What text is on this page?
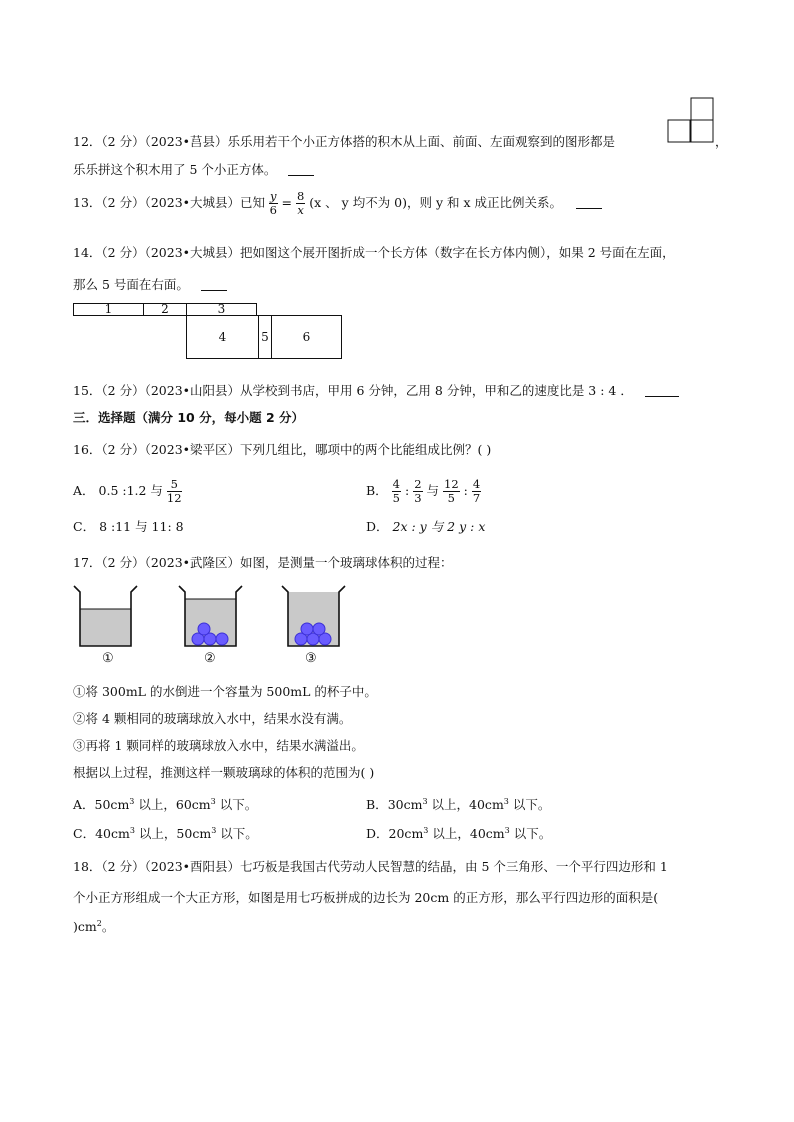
12．（2 分）（2023•莒县）乐乐用若干个小正方体搭的积木从上面、前面、左面观察到的图形都是	，
乐乐拼这个积木用了 5 个小正方体。
13．（2 分）（2023•大城县）已知 $\frac{y}{6} = \frac{8}{x} (x$ 、 y 均不为 0)，则 y 和 x 成正比例关系。
14．（2 分）（2023•大城县）把如图这个展开图折成一个长方体（数字在长方体内侧），如果 2 号面在左面，
那么 5 号面在右面。
1	2	3
4	5	6
15．（2 分）（2023•山阳县）从学校到书店，甲用 6 分钟，乙用 8 分钟，甲和乙的速度比是 3 : 4 ．
三．选择题（满分 10 分，每小题 2 分）
16．（2 分）（2023•梁平区）下列几组比，哪项中的两个比能组成比例？( )
A． 0.5 :1.2 与 $\frac{5}{12}$	B． $\frac{4}{5}$ : $\frac{2}{3}$ 与 $\frac{12}{5}$ : $\frac{4}{7}$
C． 8 :11 与 11: 8	D． 2x : y 与 2 y : x
17．（2 分）（2023•武隆区）如图，是测量一个玻璃球体积的过程：
①	②	③
①将 300mL 的水倒进一个容量为 500mL 的杯子中。
②将 4 颗相同的玻璃球放入水中，结果水没有满。
③再将 1 颗同样的玻璃球放入水中，结果水满溢出。
根据以上过程，推测这样一颗玻璃球的体积的范围为( )
A．$50cm^3$ 以上，$60cm^3$ 以下。	B．$30cm^3$ 以上，$40cm^3$ 以下。
C．$40cm^3$ 以上，$50cm^3$ 以下。	D．$20cm^3$ 以上，$40cm^3$ 以下。
18．（2 分）（2023•酉阳县）七巧板是我国古代劳动人民智慧的结晶，由 5 个三角形、一个平行四边形和 1
个小正方形组成一个大正方形，如图是用七巧板拼成的边长为 20cm 的正方形，那么平行四边形的面积是(
)$cm^2$。
